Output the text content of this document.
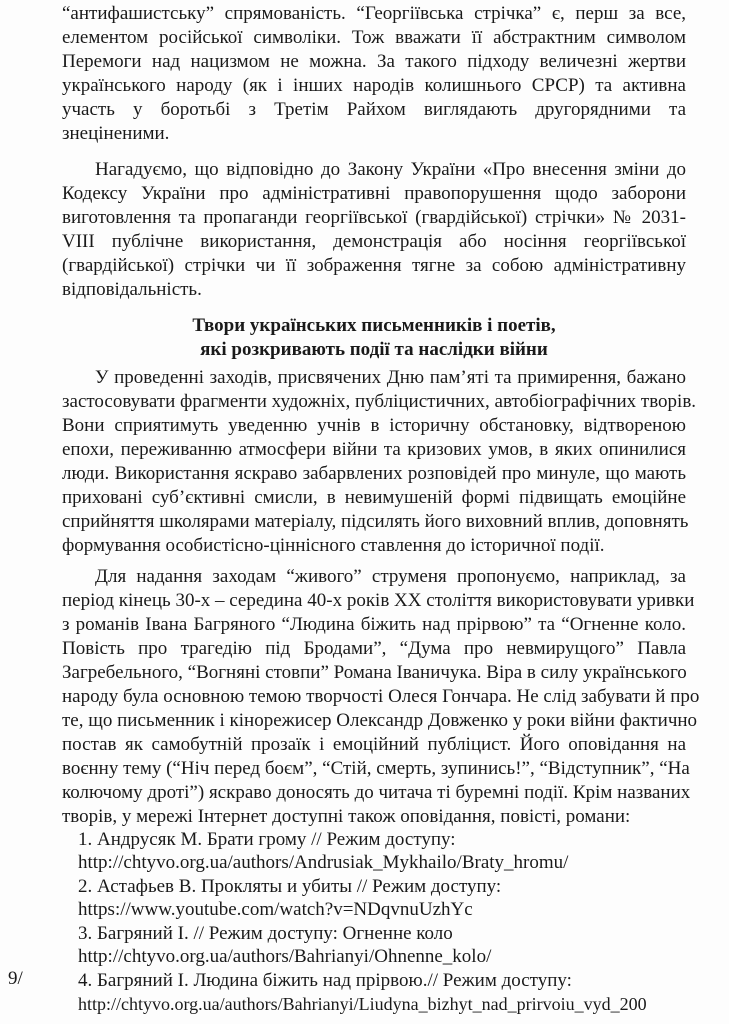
“антифашистську” спрямованість. “Георгіївська стрічка” є, перш за все,
елементом російської символіки. Тож вважати її абстрактним символом
Перемоги над нацизмом не можна. За такого підходу величезні жертви
українського народу (як і інших народів колишнього СРСР) та активна
участь у боротьбі з Третім Райхом виглядають другорядними та
знеціненими.
Нагадуємо, що відповідно до Закону України «Про внесення зміни до
Кодексу України про адміністративні правопорушення щодо заборони
виготовлення та пропаганди георгіївської (гвардійської) стрічки» № 2031-
VIII публічне використання, демонстрація або носіння георгіївської
(гвардійської) стрічки чи її зображення тягне за собою адміністративну
відповідальність.
Твори українських письменників і поетів,
які розкривають події та наслідки війни
У проведенні заходів, присвячених Дню пам’яті та примирення, бажано
застосовувати фрагменти художніх, публіцистичних, автобіографічних творів.
Вони сприятимуть уведенню учнів в історичну обстановку, відтвореною
епохи, переживанню атмосфери війни та кризових умов, в яких опинилися
люди. Використання яскраво забарвлених розповідей про минуле, що мають
приховані суб’єктивні смисли, в невимушеній формі підвищать емоційне
сприйняття школярами матеріалу, підсилять його виховний вплив, доповнять
формування особистісно-ціннісного ставлення до історичної події.
Для надання заходам “живого” струменя пропонуємо, наприклад, за
період кінець 30-х – середина 40-х років XX століття використовувати уривки
з романів Івана Багряного “Людина біжить над прірвою” та “Огненне коло.
Повість про трагедію під Бродами”, “Дума про невмирущого” Павла
Загребельного, “Вогняні стовпи” Романа Іваничука. Віра в силу українського
народу була основною темою творчості Олеся Гончара. Не слід забувати й про
те, що письменник і кінорежисер Олександр Довженко у роки війни фактично
постав як самобутній прозаїк і емоційний публіцист. Його оповідання на
воєнну тему (“Ніч перед боєм”, “Стій, смерть, зупинись!”, “Відступник”, “На
колючому дроті”) яскраво доносять до читача ті буремні події. Крім названих
творів, у мережі Інтернет доступні також оповідання, повісті, романи:
1. Андрусяк М. Брати грому // Режим доступу:
http://chtyvo.org.ua/authors/Andrusiak_Mykhailo/Braty_hromu/
2. Астафьев В. Прокляты и убиты // Режим доступу:
https://www.youtube.com/watch?v=NDqvnuUzhYc
3. Багряний І. // Режим доступу: Огненне коло
http://chtyvo.org.ua/authors/Bahrianyi/Ohnenne_kolo/
4. Багряний І. Людина біжить над прірвою.// Режим доступу:
http://chtyvo.org.ua/authors/Bahrianyi/Liudyna_bizhyt_nad_prirvoiu_vyd_200
9/
